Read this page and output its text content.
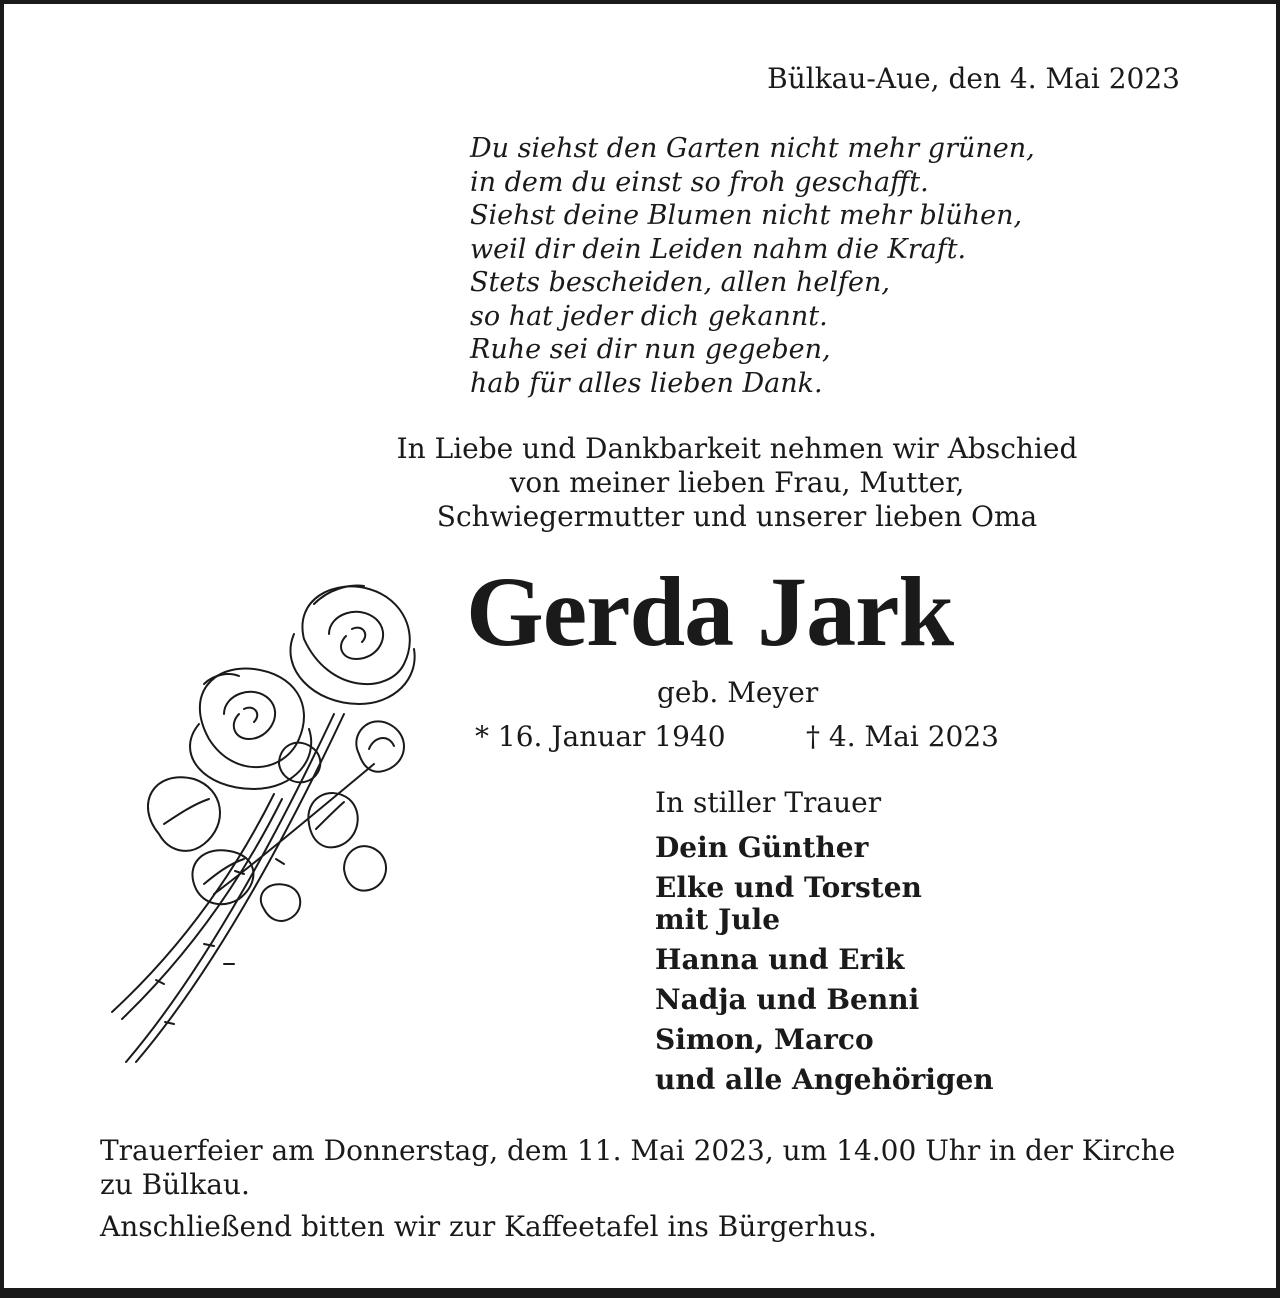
Bülkau-Aue, den 4. Mai 2023
Du siehst den Garten nicht mehr grünen,
in dem du einst so froh geschafft.
Siehst deine Blumen nicht mehr blühen,
weil dir dein Leiden nahm die Kraft.
Stets bescheiden, allen helfen,
so hat jeder dich gekannt.
Ruhe sei dir nun gegeben,
hab für alles lieben Dank.
In Liebe und Dankbarkeit nehmen wir Abschied
von meiner lieben Frau, Mutter,
Schwiegermutter und unserer lieben Oma
Gerda Jark
geb. Meyer
* 16. Januar 1940	† 4. Mai 2023
In stiller Trauer
Dein Günther
Elke und Torsten
mit Jule
Hanna und Erik
Nadja und Benni
Simon, Marco
und alle Angehörigen
Trauerfeier am Donnerstag, dem 11. Mai 2023, um 14.00 Uhr in der Kirche zu Bülkau.
Anschließend bitten wir zur Kaffeetafel ins Bürgerhus.
